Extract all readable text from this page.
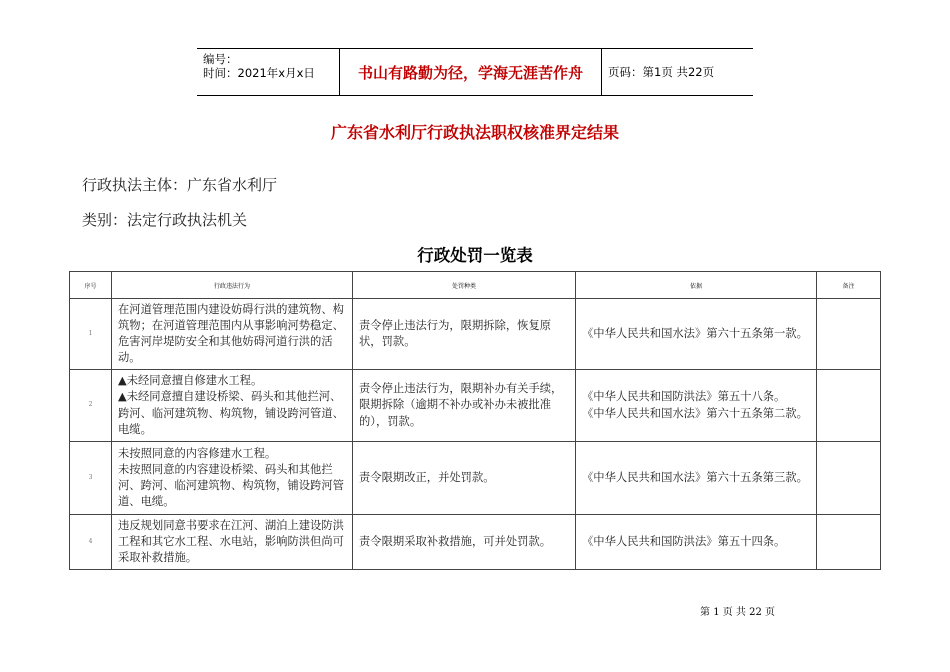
编号：
时间：2021年x月x日	书山有路勤为径，学海无涯苦作舟	页码：第1页 共22页
广东省水利厅行政执法职权核准界定结果
行政执法主体：广东省水利厅
类别：法定行政执法机关
行政处罚一览表
序号	行政违法行为	处罚种类	依据	备注
1	在河道管理范围内建设妨碍行洪的建筑物、构筑物；在河道管理范围内从事影响河势稳定、危害河岸堤防安全和其他妨碍河道行洪的活动。	责令停止违法行为，限期拆除，恢复原状，罚款。	《中华人民共和国水法》第六十五条第一款。	

2	▲未经同意擅自修建水工程。
▲未经同意擅自建设桥梁、码头和其他拦河、跨河、临河建筑物、构筑物，铺设跨河管道、电缆。	责令停止违法行为，限期补办有关手续，限期拆除（逾期不补办或补办未被批准的），罚款。	《中华人民共和国防洪法》第五十八条。
《中华人民共和国水法》第六十五条第二款。	

3	未按照同意的内容修建水工程。
未按照同意的内容建设桥梁、码头和其他拦河、跨河、临河建筑物、构筑物，铺设跨河管道、电缆。	责令限期改正，并处罚款。	《中华人民共和国水法》第六十五条第三款。	

4	违反规划同意书要求在江河、湖泊上建设防洪工程和其它水工程、水电站，影响防洪但尚可采取补救措施。	责令限期采取补救措施，可并处罚款。	《中华人民共和国防洪法》第五十四条。	

第 1 页 共 22 页
